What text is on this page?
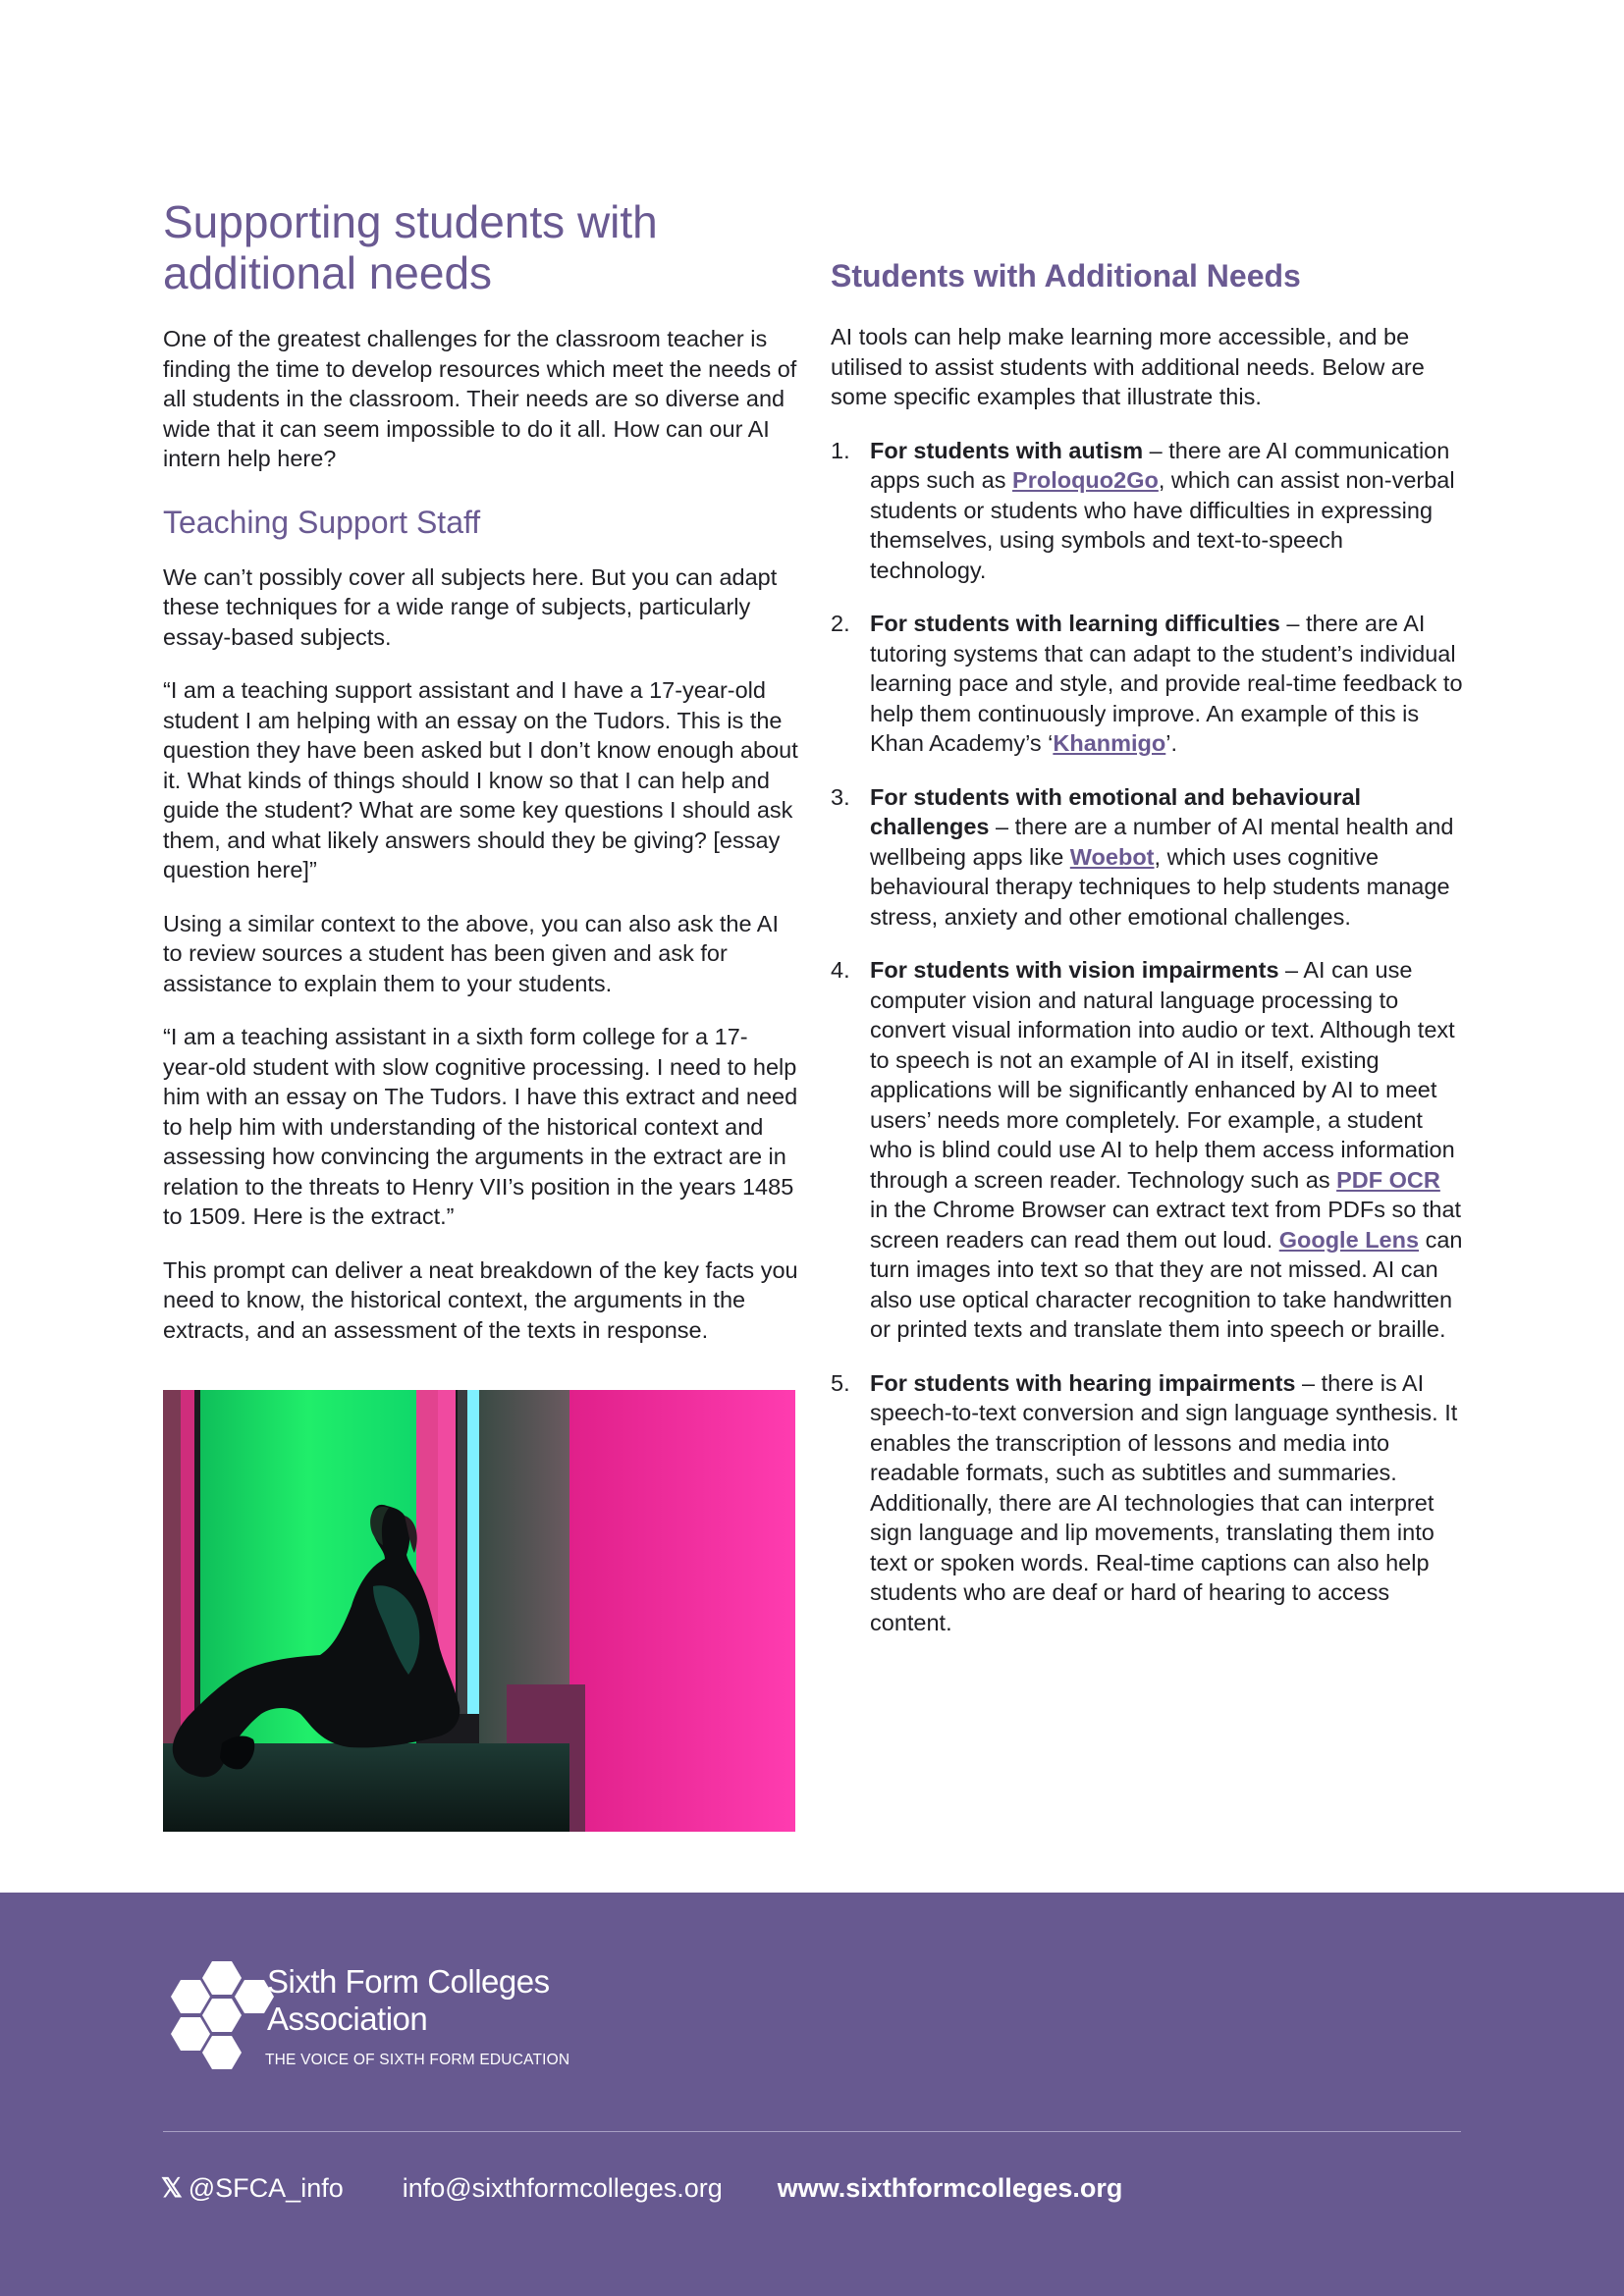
Supporting students with additional needs

One of the greatest challenges for the classroom teacher is finding the time to develop resources which meet the needs of all students in the classroom. Their needs are so diverse and wide that it can seem impossible to do it all. How can our AI intern help here?

Teaching Support Staff

We can’t possibly cover all subjects here. But you can adapt these techniques for a wide range of subjects, particularly essay-based subjects.

“I am a teaching support assistant and I have a 17-year-old student I am helping with an essay on the Tudors. This is the question they have been asked but I don’t know enough about it. What kinds of things should I know so that I can help and guide the student? What are some key questions I should ask them, and what likely answers should they be giving? [essay question here]”

Using a similar context to the above, you can also ask the AI to review sources a student has been given and ask for assistance to explain them to your students.

“I am a teaching assistant in a sixth form college for a 17-year-old student with slow cognitive processing. I need to help him with an essay on The Tudors. I have this extract and need to help him with understanding of the historical context and assessing how convincing the arguments in the extract are in relation to the threats to Henry VII’s position in the years 1485 to 1509. Here is the extract.”

This prompt can deliver a neat breakdown of the key facts you need to know, the historical context, the arguments in the extracts, and an assessment of the texts in response.

Students with Additional Needs

AI tools can help make learning more accessible, and be utilised to assist students with additional needs. Below are some specific examples that illustrate this.

1. For students with autism – there are AI communication apps such as Proloquo2Go, which can assist non-verbal students or students who have difficulties in expressing themselves, using symbols and text-to-speech technology.
2. For students with learning difficulties – there are AI tutoring systems that can adapt to the student’s individual learning pace and style, and provide real-time feedback to help them continuously improve. An example of this is Khan Academy’s ‘Khanmigo’.
3. For students with emotional and behavioural challenges – there are a number of AI mental health and wellbeing apps like Woebot, which uses cognitive behavioural therapy techniques to help students manage stress, anxiety and other emotional challenges.
4. For students with vision impairments – AI can use computer vision and natural language processing to convert visual information into audio or text. Although text to speech is not an example of AI in itself, existing applications will be significantly enhanced by AI to meet users’ needs more completely. For example, a student who is blind could use AI to help them access information through a screen reader. Technology such as PDF OCR in the Chrome Browser can extract text from PDFs so that screen readers can read them out loud. Google Lens can turn images into text so that they are not missed. AI can also use optical character recognition to take handwritten or printed texts and translate them into speech or braille.
5. For students with hearing impairments – there is AI speech-to-text conversion and sign language synthesis. It enables the transcription of lessons and media into readable formats, such as subtitles and summaries. Additionally, there are AI technologies that can interpret sign language and lip movements, translating them into text or spoken words. Real-time captions can also help students who are deaf or hard of hearing to access content.
Sixth Form Colleges
Association
THE VOICE OF SIXTH FORM EDUCATION
𝕏 @SFCA_info info@sixthformcolleges.org www.sixthformcolleges.org
